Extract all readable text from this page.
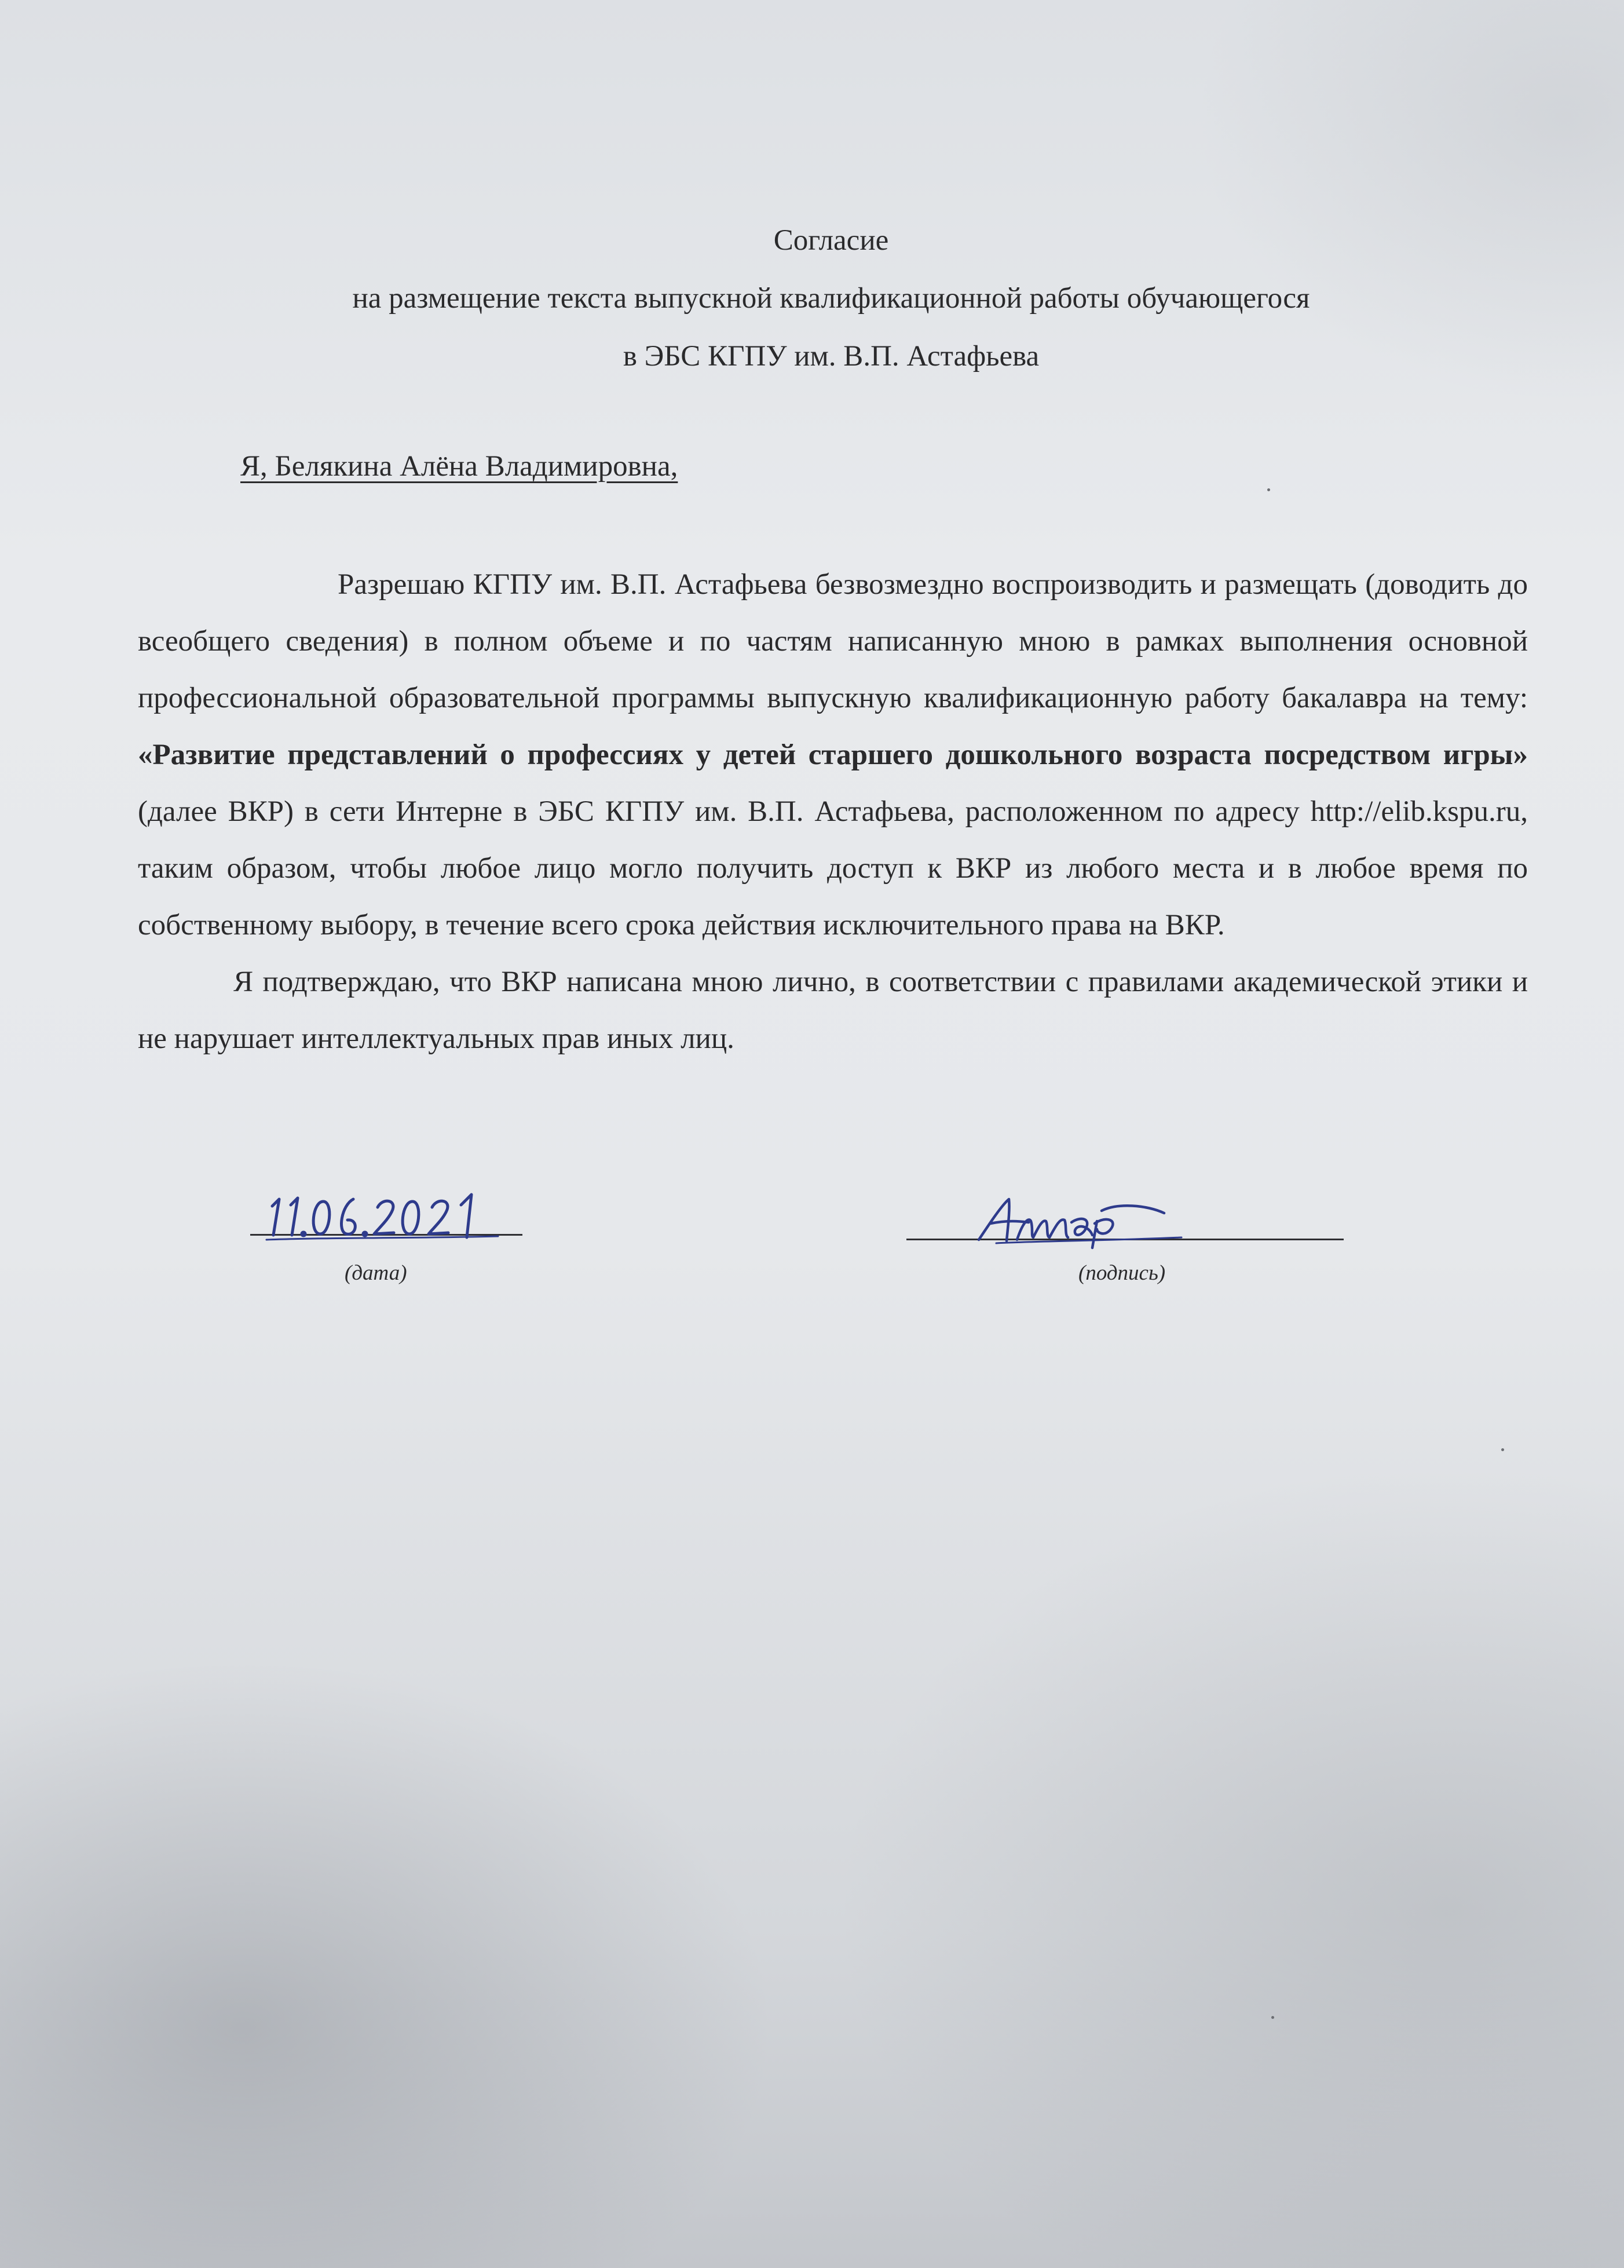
Согласие
на размещение текста выпускной квалификационной работы обучающегося
в ЭБС КГПУ им. В.П. Астафьева
Я, Белякина Алёна Владимировна,

Разрешаю КГПУ им. В.П. Астафьева безвозмездно воспроизводить и размещать (доводить до всеобщего сведения) в полном объеме и по частям написанную мною в рамках выполнения основной профессиональной образовательной программы выпускную квалификационную работу бакалавра на тему: «Развитие представлений о профессиях у детей старшего дошкольного возраста посредством игры» (далее ВКР) в сети Интерне в ЭБС КГПУ им. В.П. Астафьева, расположенном по адресу http://elib.kspu.ru, таким образом, чтобы любое лицо могло получить доступ к ВКР из любого места и в любое время по собственному выбору, в течение всего срока действия исключительного права на ВКР.

Я подтверждаю, что ВКР написана мною лично, в соответствии с правилами академической этики и не нарушает интеллектуальных прав иных лиц.

(дата)	(подпись)
